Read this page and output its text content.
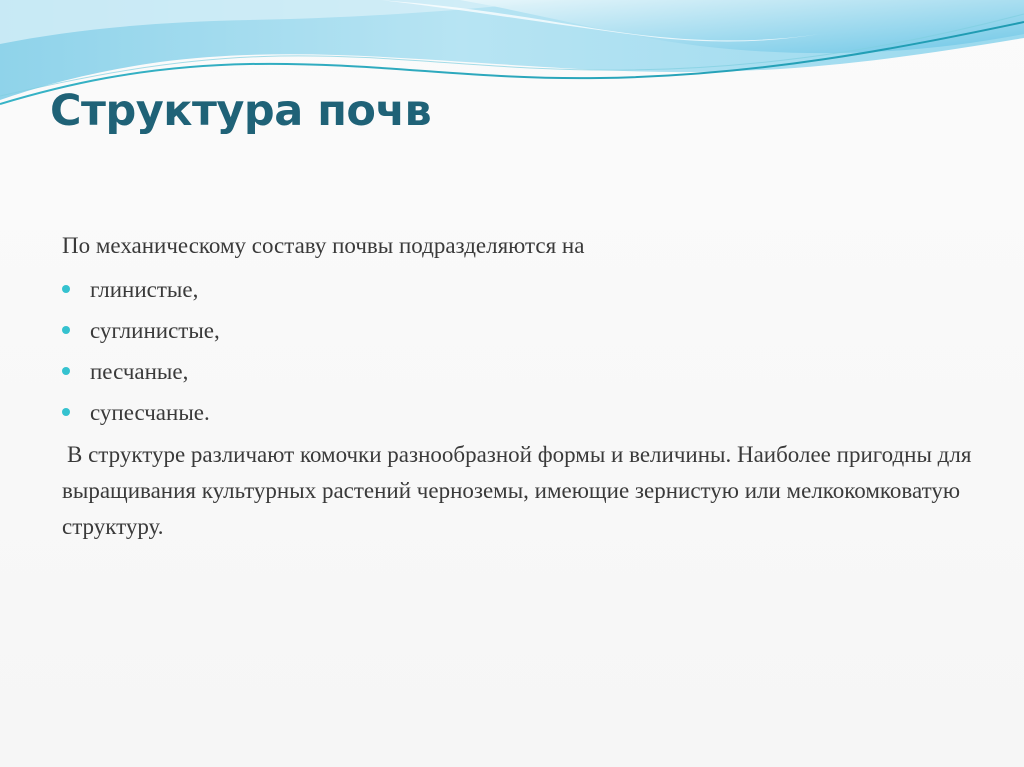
Структура почв

По механическому составу почвы подразделяются на

глинистые,
суглинистые,
песчаные,
супесчаные.

В структуре различают комочки разнообразной формы и величины. Наиболее пригодны для выращивания культурных растений черноземы, имеющие зернистую или мелкокомковатую структуру.
